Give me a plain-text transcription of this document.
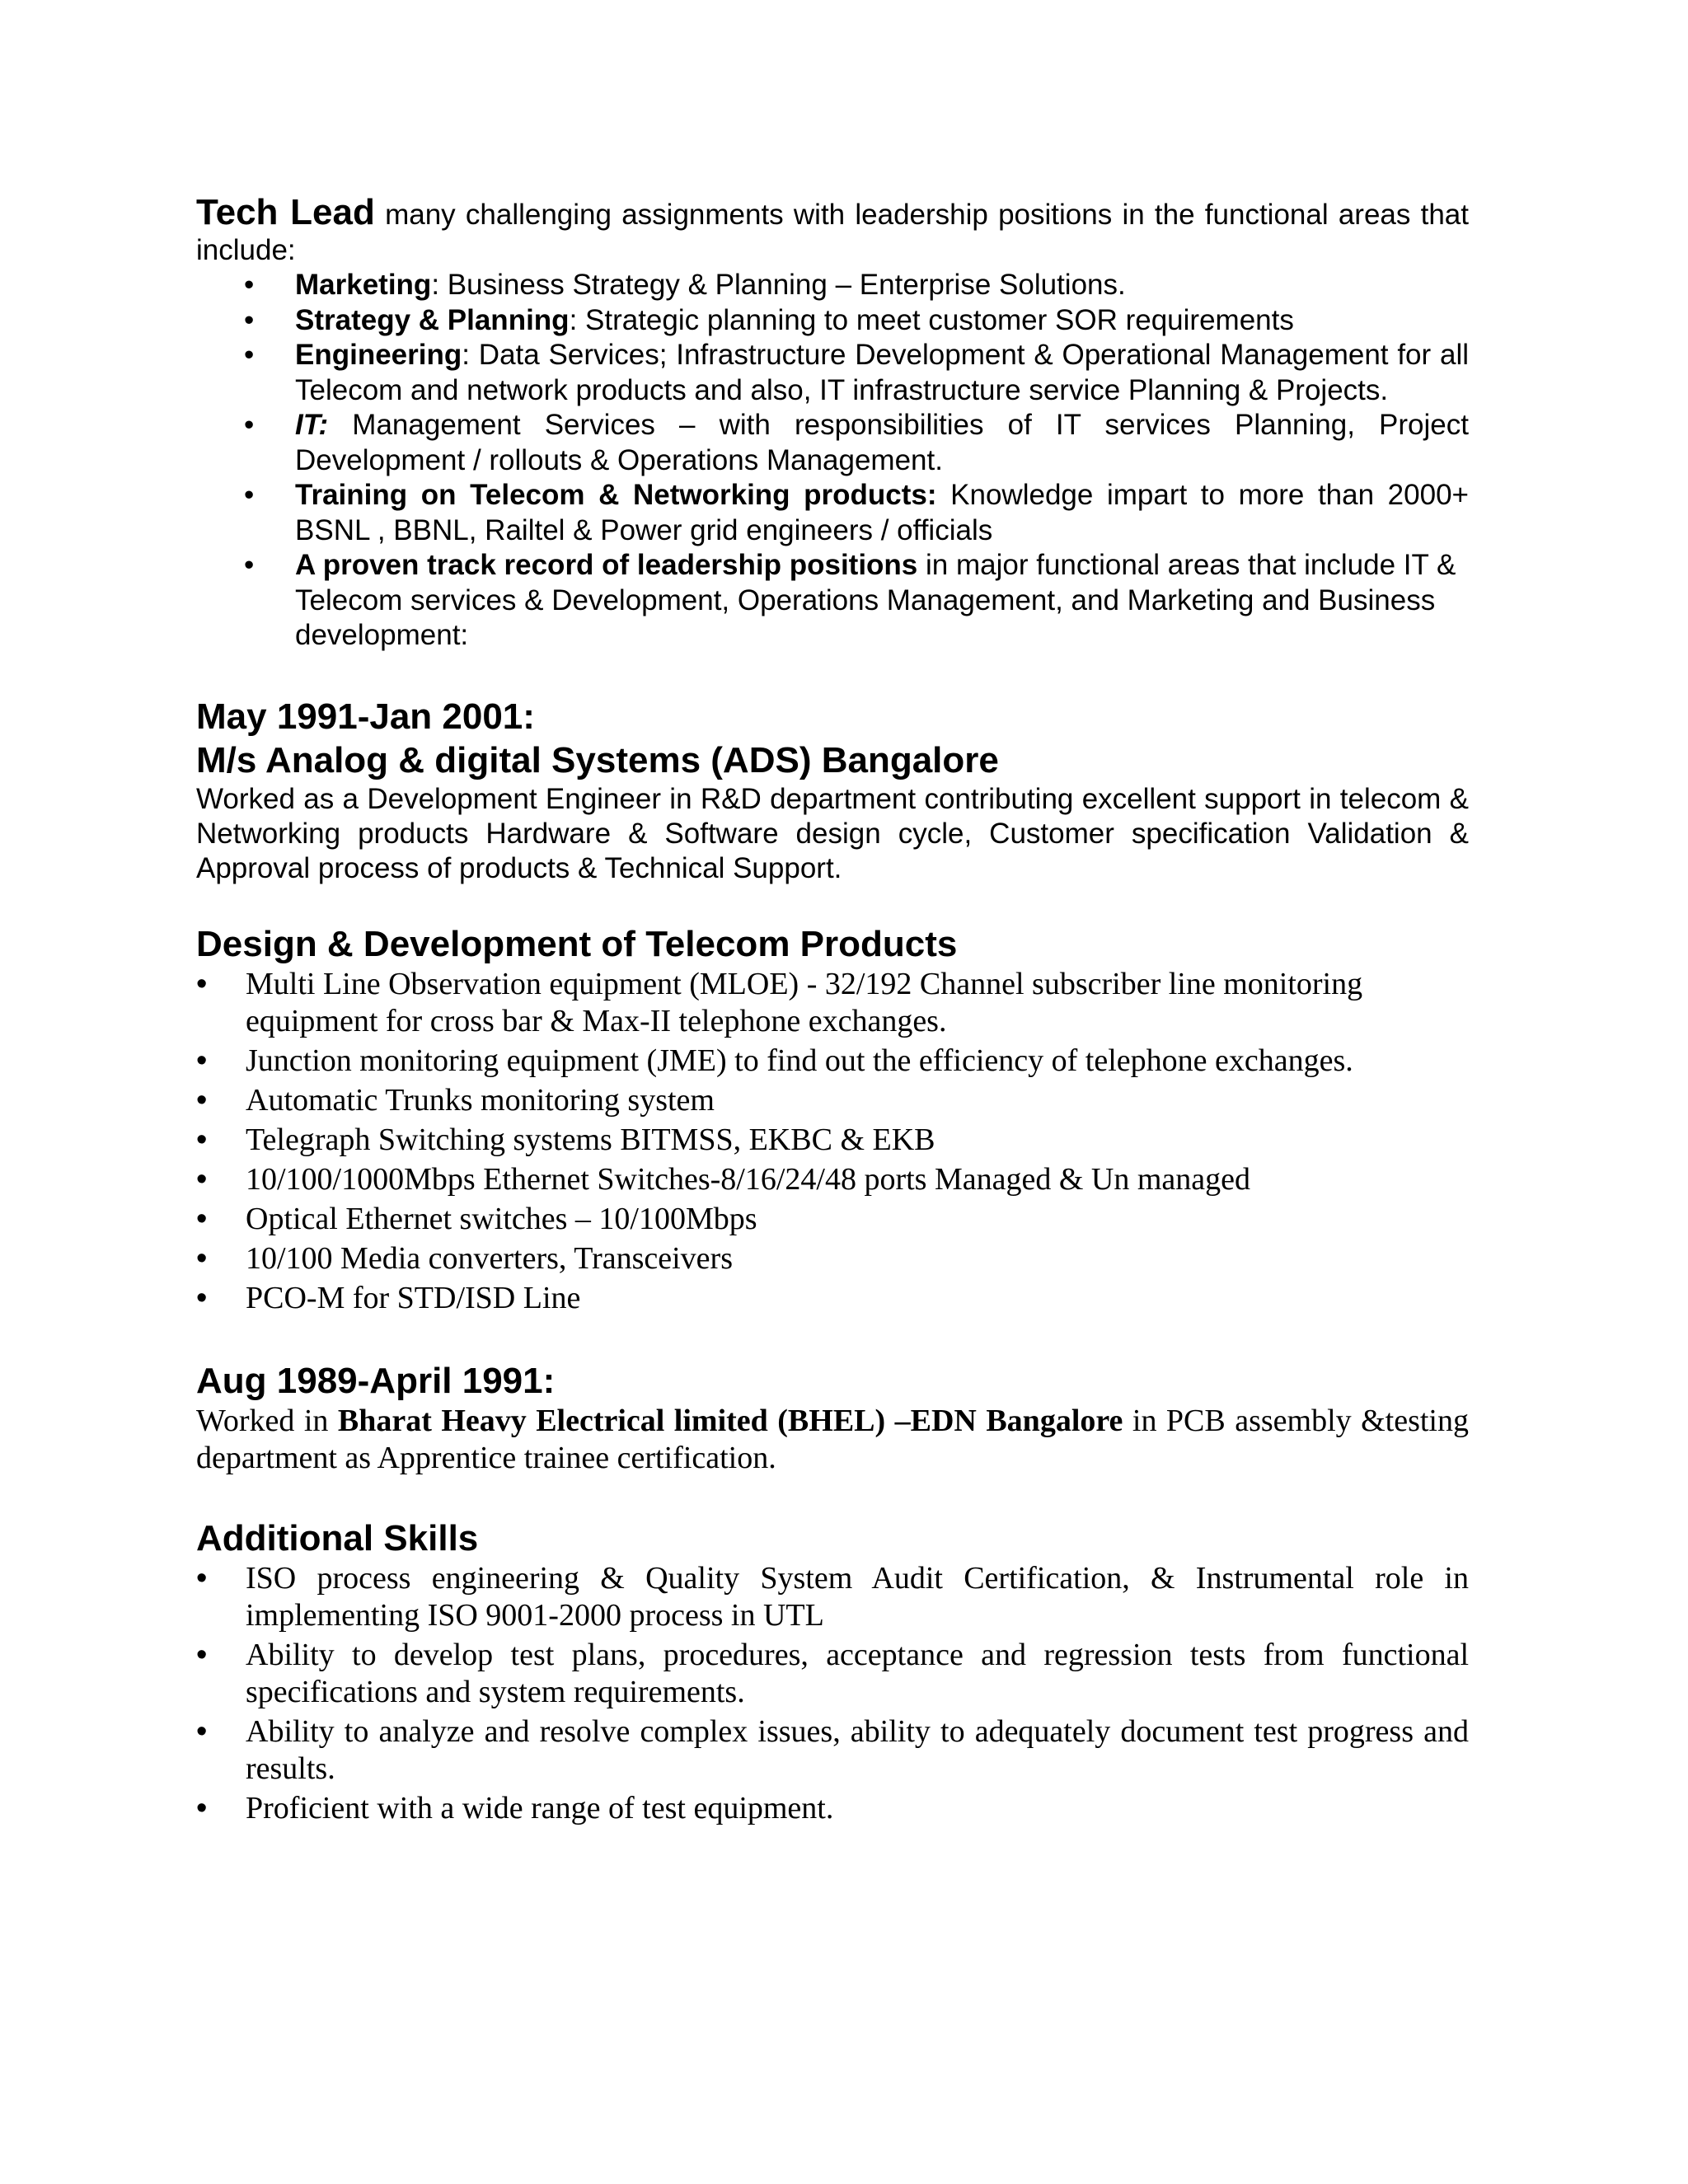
Tech Lead many challenging assignments with leadership positions in the functional areas that include:

• Marketing: Business Strategy & Planning – Enterprise Solutions.
• Strategy & Planning: Strategic planning to meet customer SOR requirements
• Engineering: Data Services; Infrastructure Development & Operational Management for all Telecom and network products and also, IT infrastructure service Planning & Projects.
• IT: Management Services – with responsibilities of IT services Planning, Project Development / rollouts & Operations Management.
• Training on Telecom & Networking products: Knowledge impart to more than 2000+ BSNL , BBNL, Railtel & Power grid engineers / officials
• A proven track record of leadership positions in major functional areas that include IT & Telecom services & Development, Operations Management, and Marketing and Business development:

May 1991-Jan 2001:

M/s Analog & digital Systems (ADS) Bangalore

Worked as a Development Engineer in R&D department contributing excellent support in telecom & Networking products Hardware & Software design cycle, Customer specification Validation & Approval process of products & Technical Support.

Design & Development of Telecom Products

• Multi Line Observation equipment (MLOE) - 32/192 Channel subscriber line monitoring equipment for cross bar & Max-II telephone exchanges.
• Junction monitoring equipment (JME) to find out the efficiency of telephone exchanges.
• Automatic Trunks monitoring system
• Telegraph Switching systems BITMSS, EKBC & EKB
• 10/100/1000Mbps Ethernet Switches-8/16/24/48 ports Managed & Un managed
• Optical Ethernet switches – 10/100Mbps
• 10/100 Media converters, Transceivers
• PCO-M for STD/ISD Line

Aug 1989-April 1991:

Worked in Bharat Heavy Electrical limited (BHEL) –EDN Bangalore in PCB assembly &testing department as Apprentice trainee certification.

Additional Skills

• ISO process engineering & Quality System Audit Certification, & Instrumental role in implementing ISO 9001-2000 process in UTL
• Ability to develop test plans, procedures, acceptance and regression tests from functional specifications and system requirements.
• Ability to analyze and resolve complex issues, ability to adequately document test progress and results.
• Proficient with a wide range of test equipment.
